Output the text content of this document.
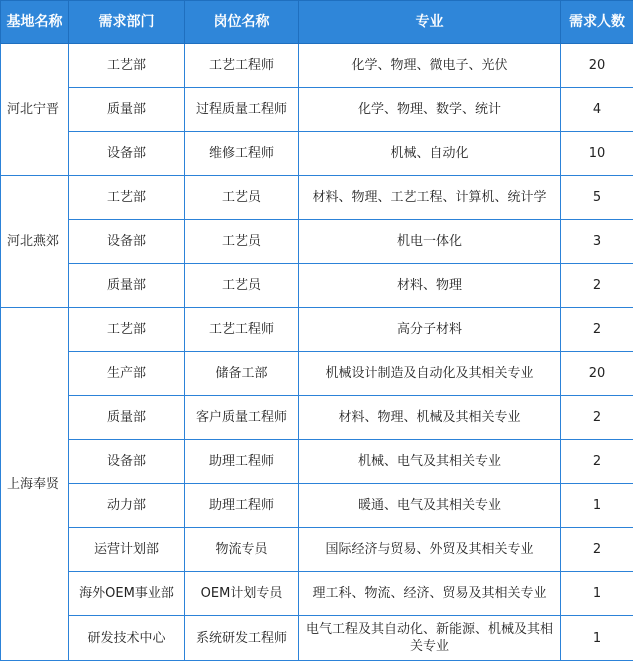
基地名称	需求部门	岗位名称	专业	需求人数
河北宁晋	工艺部	工艺工程师	化学、物理、微电子、光伏	20
	质量部	过程质量工程师	化学、物理、数学、统计	4
	设备部	维修工程师	机械、自动化	10
河北燕郊	工艺部	工艺员	材料、物理、工艺工程、计算机、统计学	5
	设备部	工艺员	机电一体化	3
	质量部	工艺员	材料、物理	2
上海奉贤	工艺部	工艺工程师	高分子材料	2
	生产部	储备工部	机械设计制造及自动化及其相关专业	20
	质量部	客户质量工程师	材料、物理、机械及其相关专业	2
	设备部	助理工程师	机械、电气及其相关专业	2
	动力部	助理工程师	暖通、电气及其相关专业	1
	运营计划部	物流专员	国际经济与贸易、外贸及其相关专业	2
	海外OEM事业部	OEM计划专员	理工科、物流、经济、贸易及其相关专业	1
	研发技术中心	系统研发工程师	电气工程及其自动化、新能源、机械及其相关专业	1
